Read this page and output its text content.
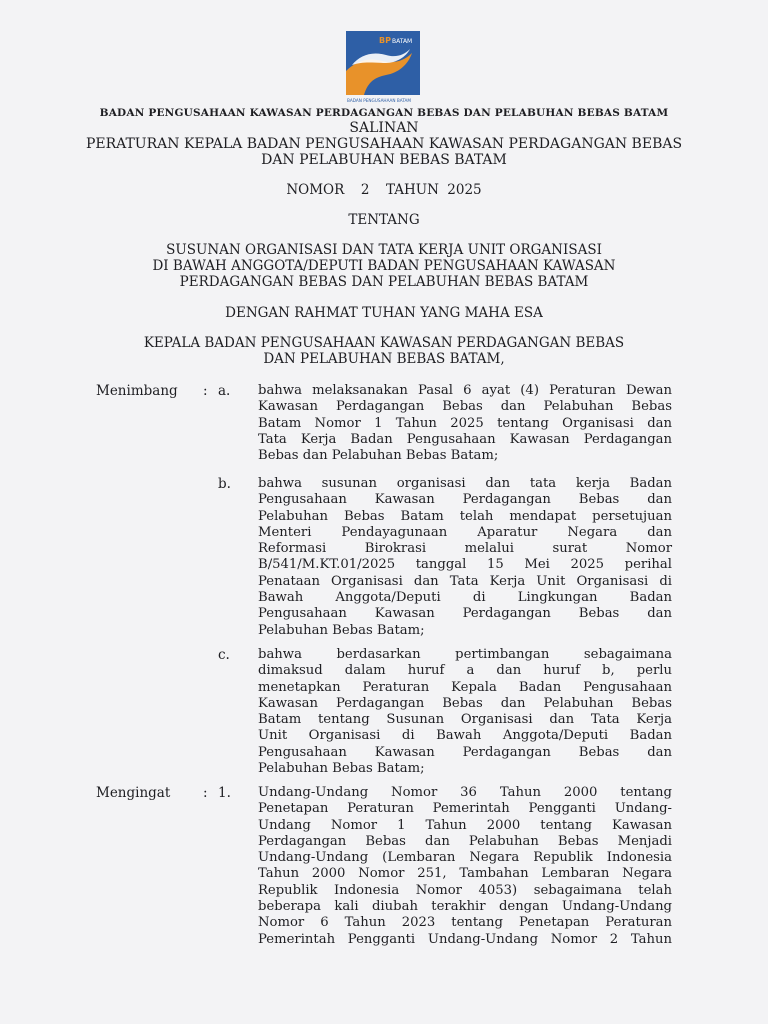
BP BATAM
BADAN PENGUSAHAAN BATAM
BADAN PENGUSAHAAN KAWASAN PERDAGANGAN BEBAS DAN PELABUHAN BEBAS BATAM
SALINAN
PERATURAN KEPALA BADAN PENGUSAHAAN KAWASAN PERDAGANGAN BEBAS
DAN PELABUHAN BEBAS BATAM
NOMOR  2  TAHUN 2025
TENTANG
SUSUNAN ORGANISASI DAN TATA KERJA UNIT ORGANISASI
DI BAWAH ANGGOTA/DEPUTI BADAN PENGUSAHAAN KAWASAN
PERDAGANGAN BEBAS DAN PELABUHAN BEBAS BATAM
DENGAN RAHMAT TUHAN YANG MAHA ESA
KEPALA BADAN PENGUSAHAAN KAWASAN PERDAGANGAN BEBAS
DAN PELABUHAN BEBAS BATAM,
Menimbang : a. bahwa melaksanakan Pasal 6 ayat (4) Peraturan Dewan
Kawasan Perdagangan Bebas dan Pelabuhan Bebas
Batam Nomor 1 Tahun 2025 tentang Organisasi dan
Tata Kerja Badan Pengusahaan Kawasan Perdagangan
Bebas dan Pelabuhan Bebas Batam;
b. bahwa susunan organisasi dan tata kerja Badan
Pengusahaan Kawasan Perdagangan Bebas dan
Pelabuhan Bebas Batam telah mendapat persetujuan
Menteri Pendayagunaan Aparatur Negara dan
Reformasi Birokrasi melalui surat Nomor
B/541/M.KT.01/2025 tanggal 15 Mei 2025 perihal
Penataan Organisasi dan Tata Kerja Unit Organisasi di
Bawah Anggota/Deputi di Lingkungan Badan
Pengusahaan Kawasan Perdagangan Bebas dan
Pelabuhan Bebas Batam;
c. bahwa berdasarkan pertimbangan sebagaimana
dimaksud dalam huruf a dan huruf b, perlu
menetapkan Peraturan Kepala Badan Pengusahaan
Kawasan Perdagangan Bebas dan Pelabuhan Bebas
Batam tentang Susunan Organisasi dan Tata Kerja
Unit Organisasi di Bawah Anggota/Deputi Badan
Pengusahaan Kawasan Perdagangan Bebas dan
Pelabuhan Bebas Batam;
Mengingat : 1. Undang-Undang Nomor 36 Tahun 2000 tentang
Penetapan Peraturan Pemerintah Pengganti Undang-
Undang Nomor 1 Tahun 2000 tentang Kawasan
Perdagangan Bebas dan Pelabuhan Bebas Menjadi
Undang-Undang (Lembaran Negara Republik Indonesia
Tahun 2000 Nomor 251, Tambahan Lembaran Negara
Republik Indonesia Nomor 4053) sebagaimana telah
beberapa kali diubah terakhir dengan Undang-Undang
Nomor 6 Tahun 2023 tentang Penetapan Peraturan
Pemerintah Pengganti Undang-Undang Nomor 2 Tahun
